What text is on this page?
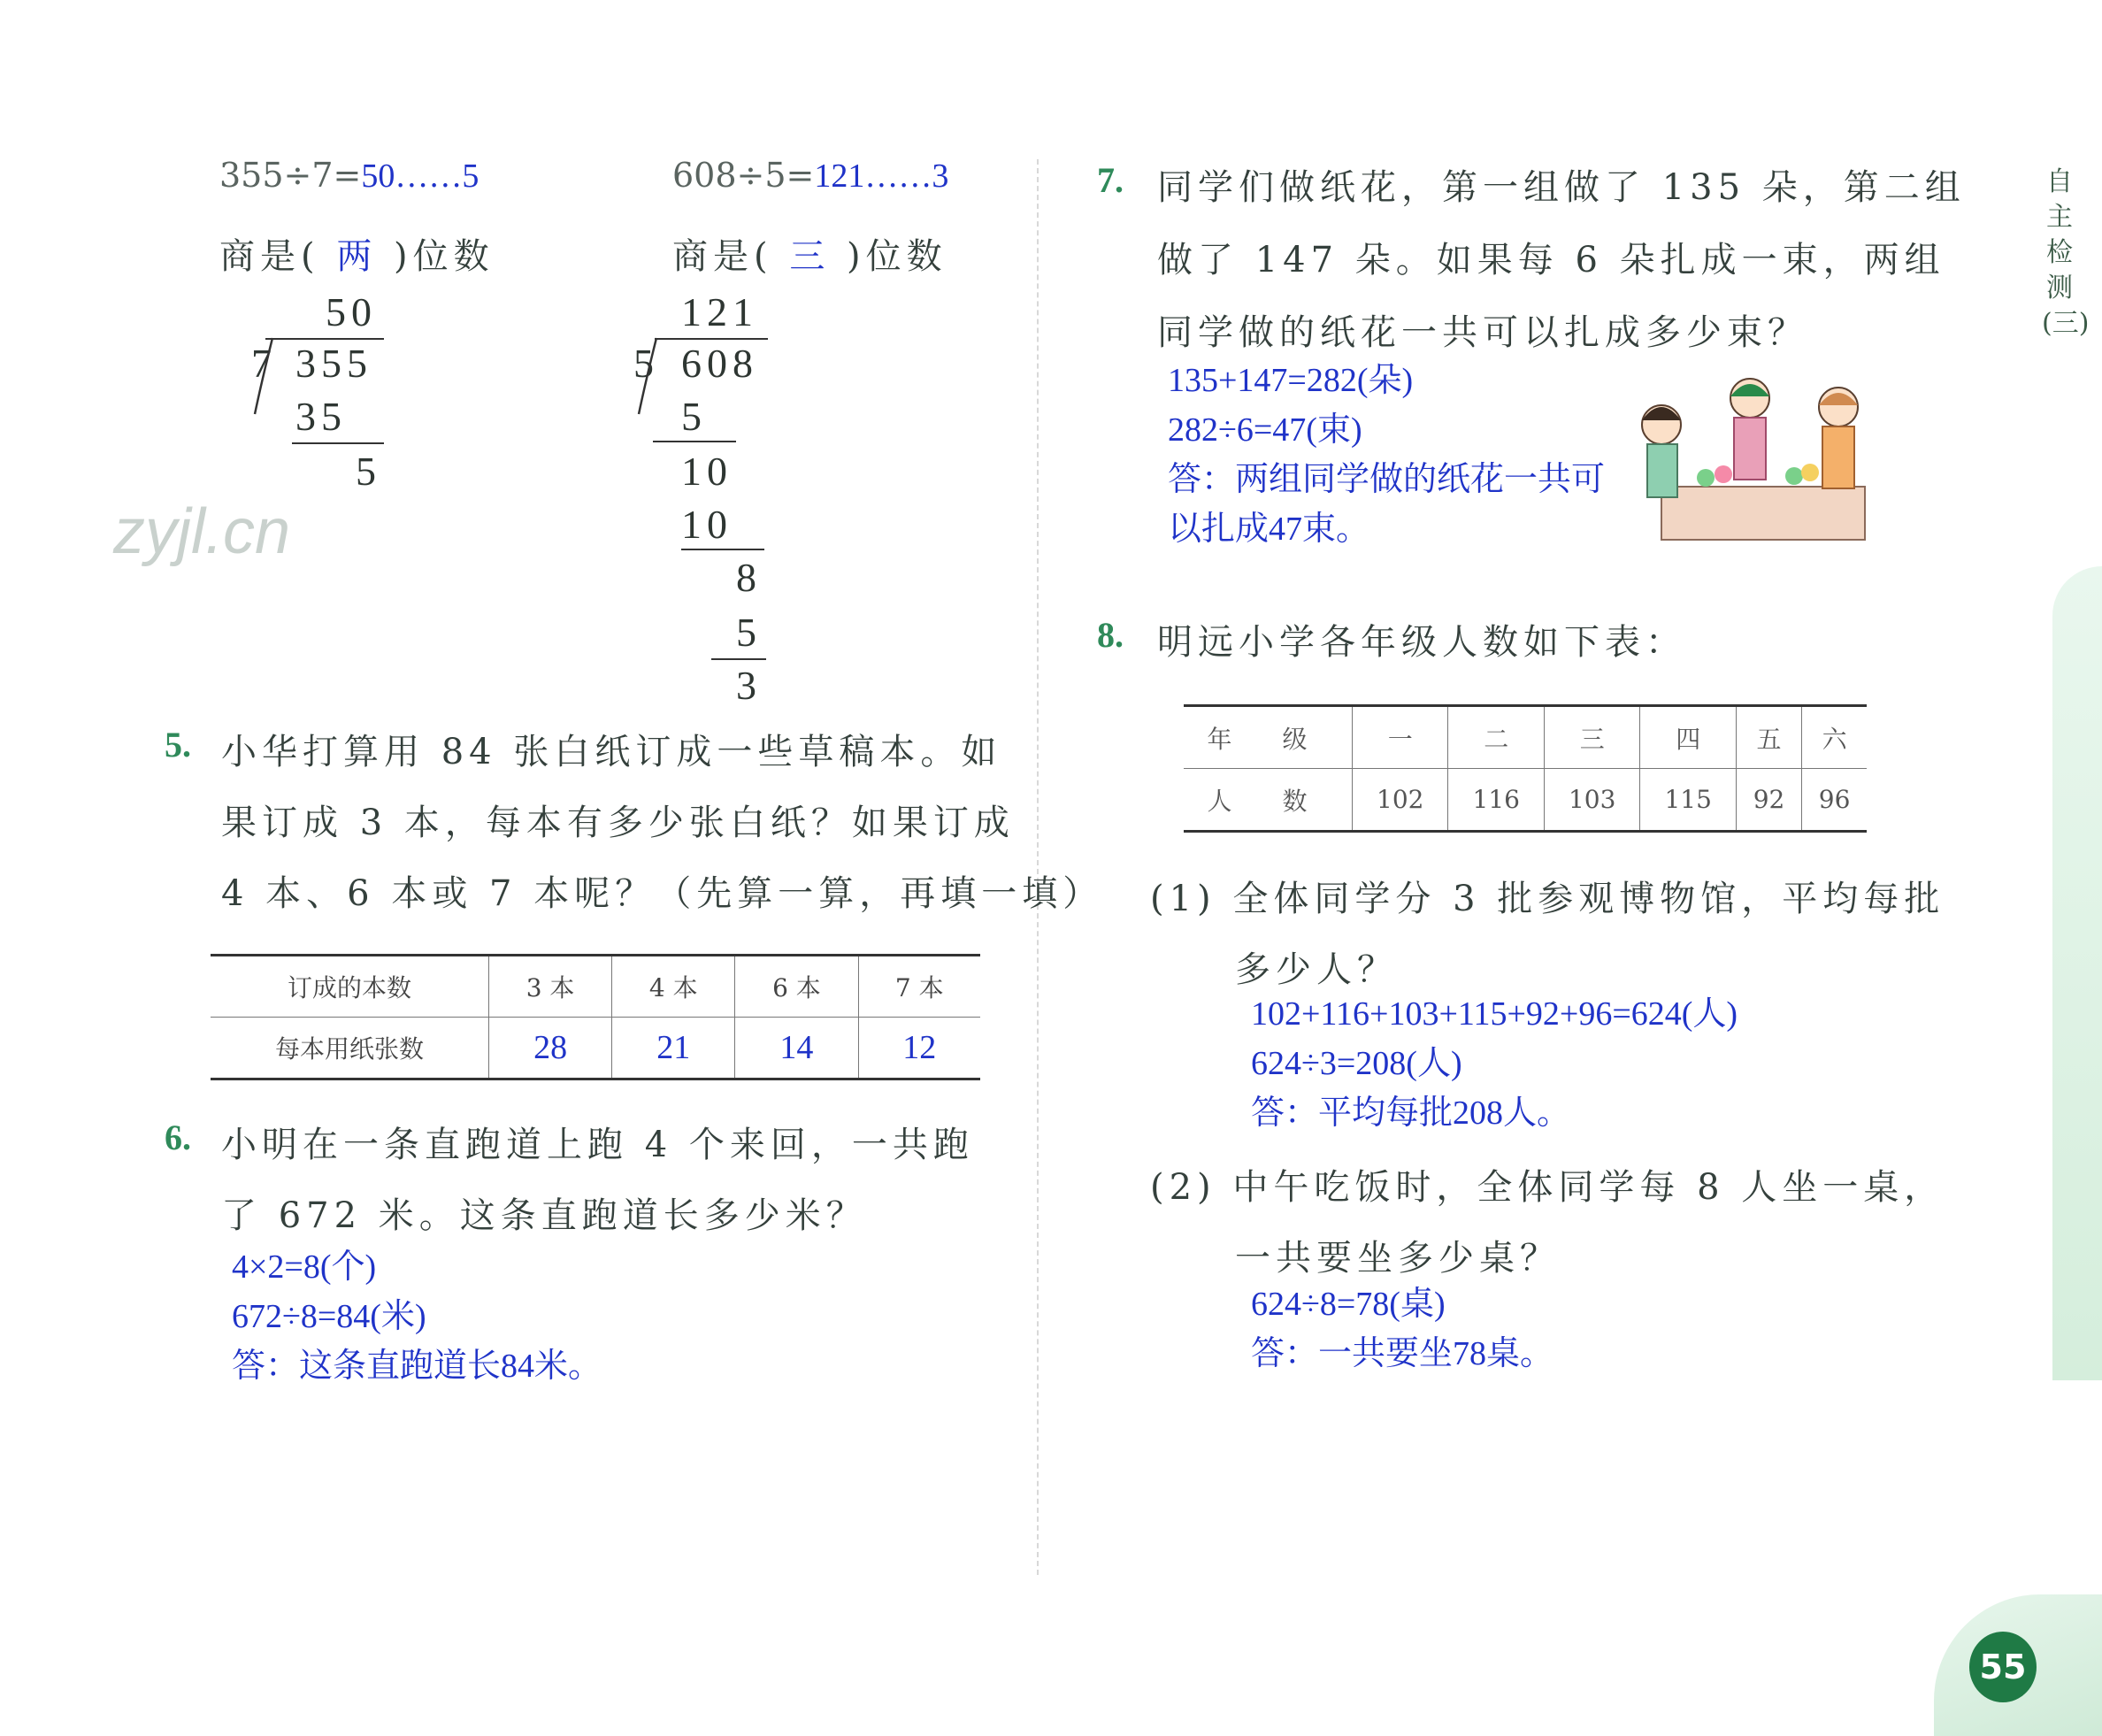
zyjl.cn
自主检测(三)
55
355÷7=50……5
商是( 两 )位数
50
7 355
35
5
608÷5=121……3
商是( 三 )位数
121
5 608
5
10
10
8
5
3
5. 小华打算用 84 张白纸订成一些草稿本。如
果订成 3 本，每本有多少张白纸？如果订成
4 本、6 本或 7 本呢？（先算一算，再填一填）
订成的本数	3 本	4 本	6 本	7 本
每本用纸张数	28	21	14	12
6. 小明在一条直跑道上跑 4 个来回，一共跑
了 672 米。这条直跑道长多少米？
4×2=8(个)
672÷8=84(米)
答：这条直跑道长84米。
7. 同学们做纸花，第一组做了 135 朵，第二组
做了 147 朵。如果每 6 朵扎成一束，两组
同学做的纸花一共可以扎成多少束？
135+147=282(朵)
282÷6=47(束)
答：两组同学做的纸花一共可
以扎成47束。
8. 明远小学各年级人数如下表：
年 级	一	二	三	四	五	六
人 数	102	116	103	115	92	96
(1) 全体同学分 3 批参观博物馆，平均每批
多少人？
102+116+103+115+92+96=624(人)
624÷3=208(人)
答：平均每批208人。
(2) 中午吃饭时，全体同学每 8 人坐一桌，
一共要坐多少桌？
624÷8=78(桌)
答：一共要坐78桌。
